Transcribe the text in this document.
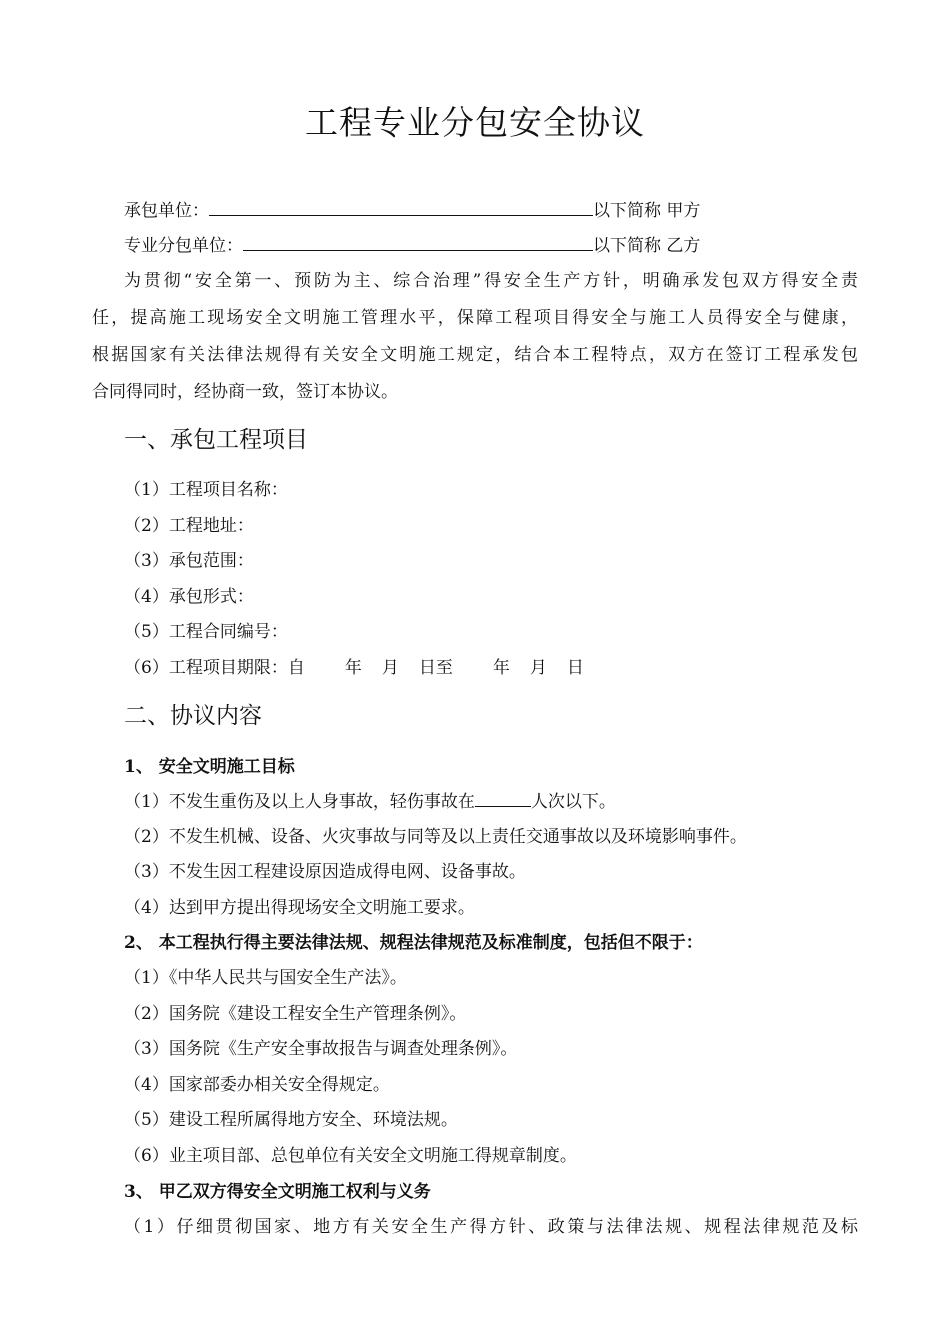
工程专业分包安全协议
承包单位：	以下简称 甲方
专业分包单位：	以下简称 乙方
为贯彻“安全第一、预防为主、综合治理”得安全生产方针，明确承发包双方得安全责
任，提高施工现场安全文明施工管理水平，保障工程项目得安全与施工人员得安全与健康，
根据国家有关法律法规得有关安全文明施工规定，结合本工程特点，双方在签订工程承发包
合同得同时，经协商一致，签订本协议。
一、承包工程项目
（1）工程项目名称：
（2）工程地址：
（3）承包范围：
（4）承包形式：
（5）工程合同编号：
（6）工程项目期限：自 年 月 日至 年 月 日
二、协议内容
1、 安全文明施工目标
（1）不发生重伤及以上人身事故，轻伤事故在	人次以下。
（2）不发生机械、设备、火灾事故与同等及以上责任交通事故以及环境影响事件。
（3）不发生因工程建设原因造成得电网、设备事故。
（4）达到甲方提出得现场安全文明施工要求。
2、 本工程执行得主要法律法规、规程法律规范及标准制度，包括但不限于：
（1）《中华人民共与国安全生产法》。
（2）国务院《建设工程安全生产管理条例》。
（3）国务院《生产安全事故报告与调查处理条例》。
（4）国家部委办相关安全得规定。
（5）建设工程所属得地方安全、环境法规。
（6）业主项目部、总包单位有关安全文明施工得规章制度。
3、 甲乙双方得安全文明施工权利与义务
（1）仔细贯彻国家、地方有关安全生产得方针、政策与法律法规、规程法律规范及标
